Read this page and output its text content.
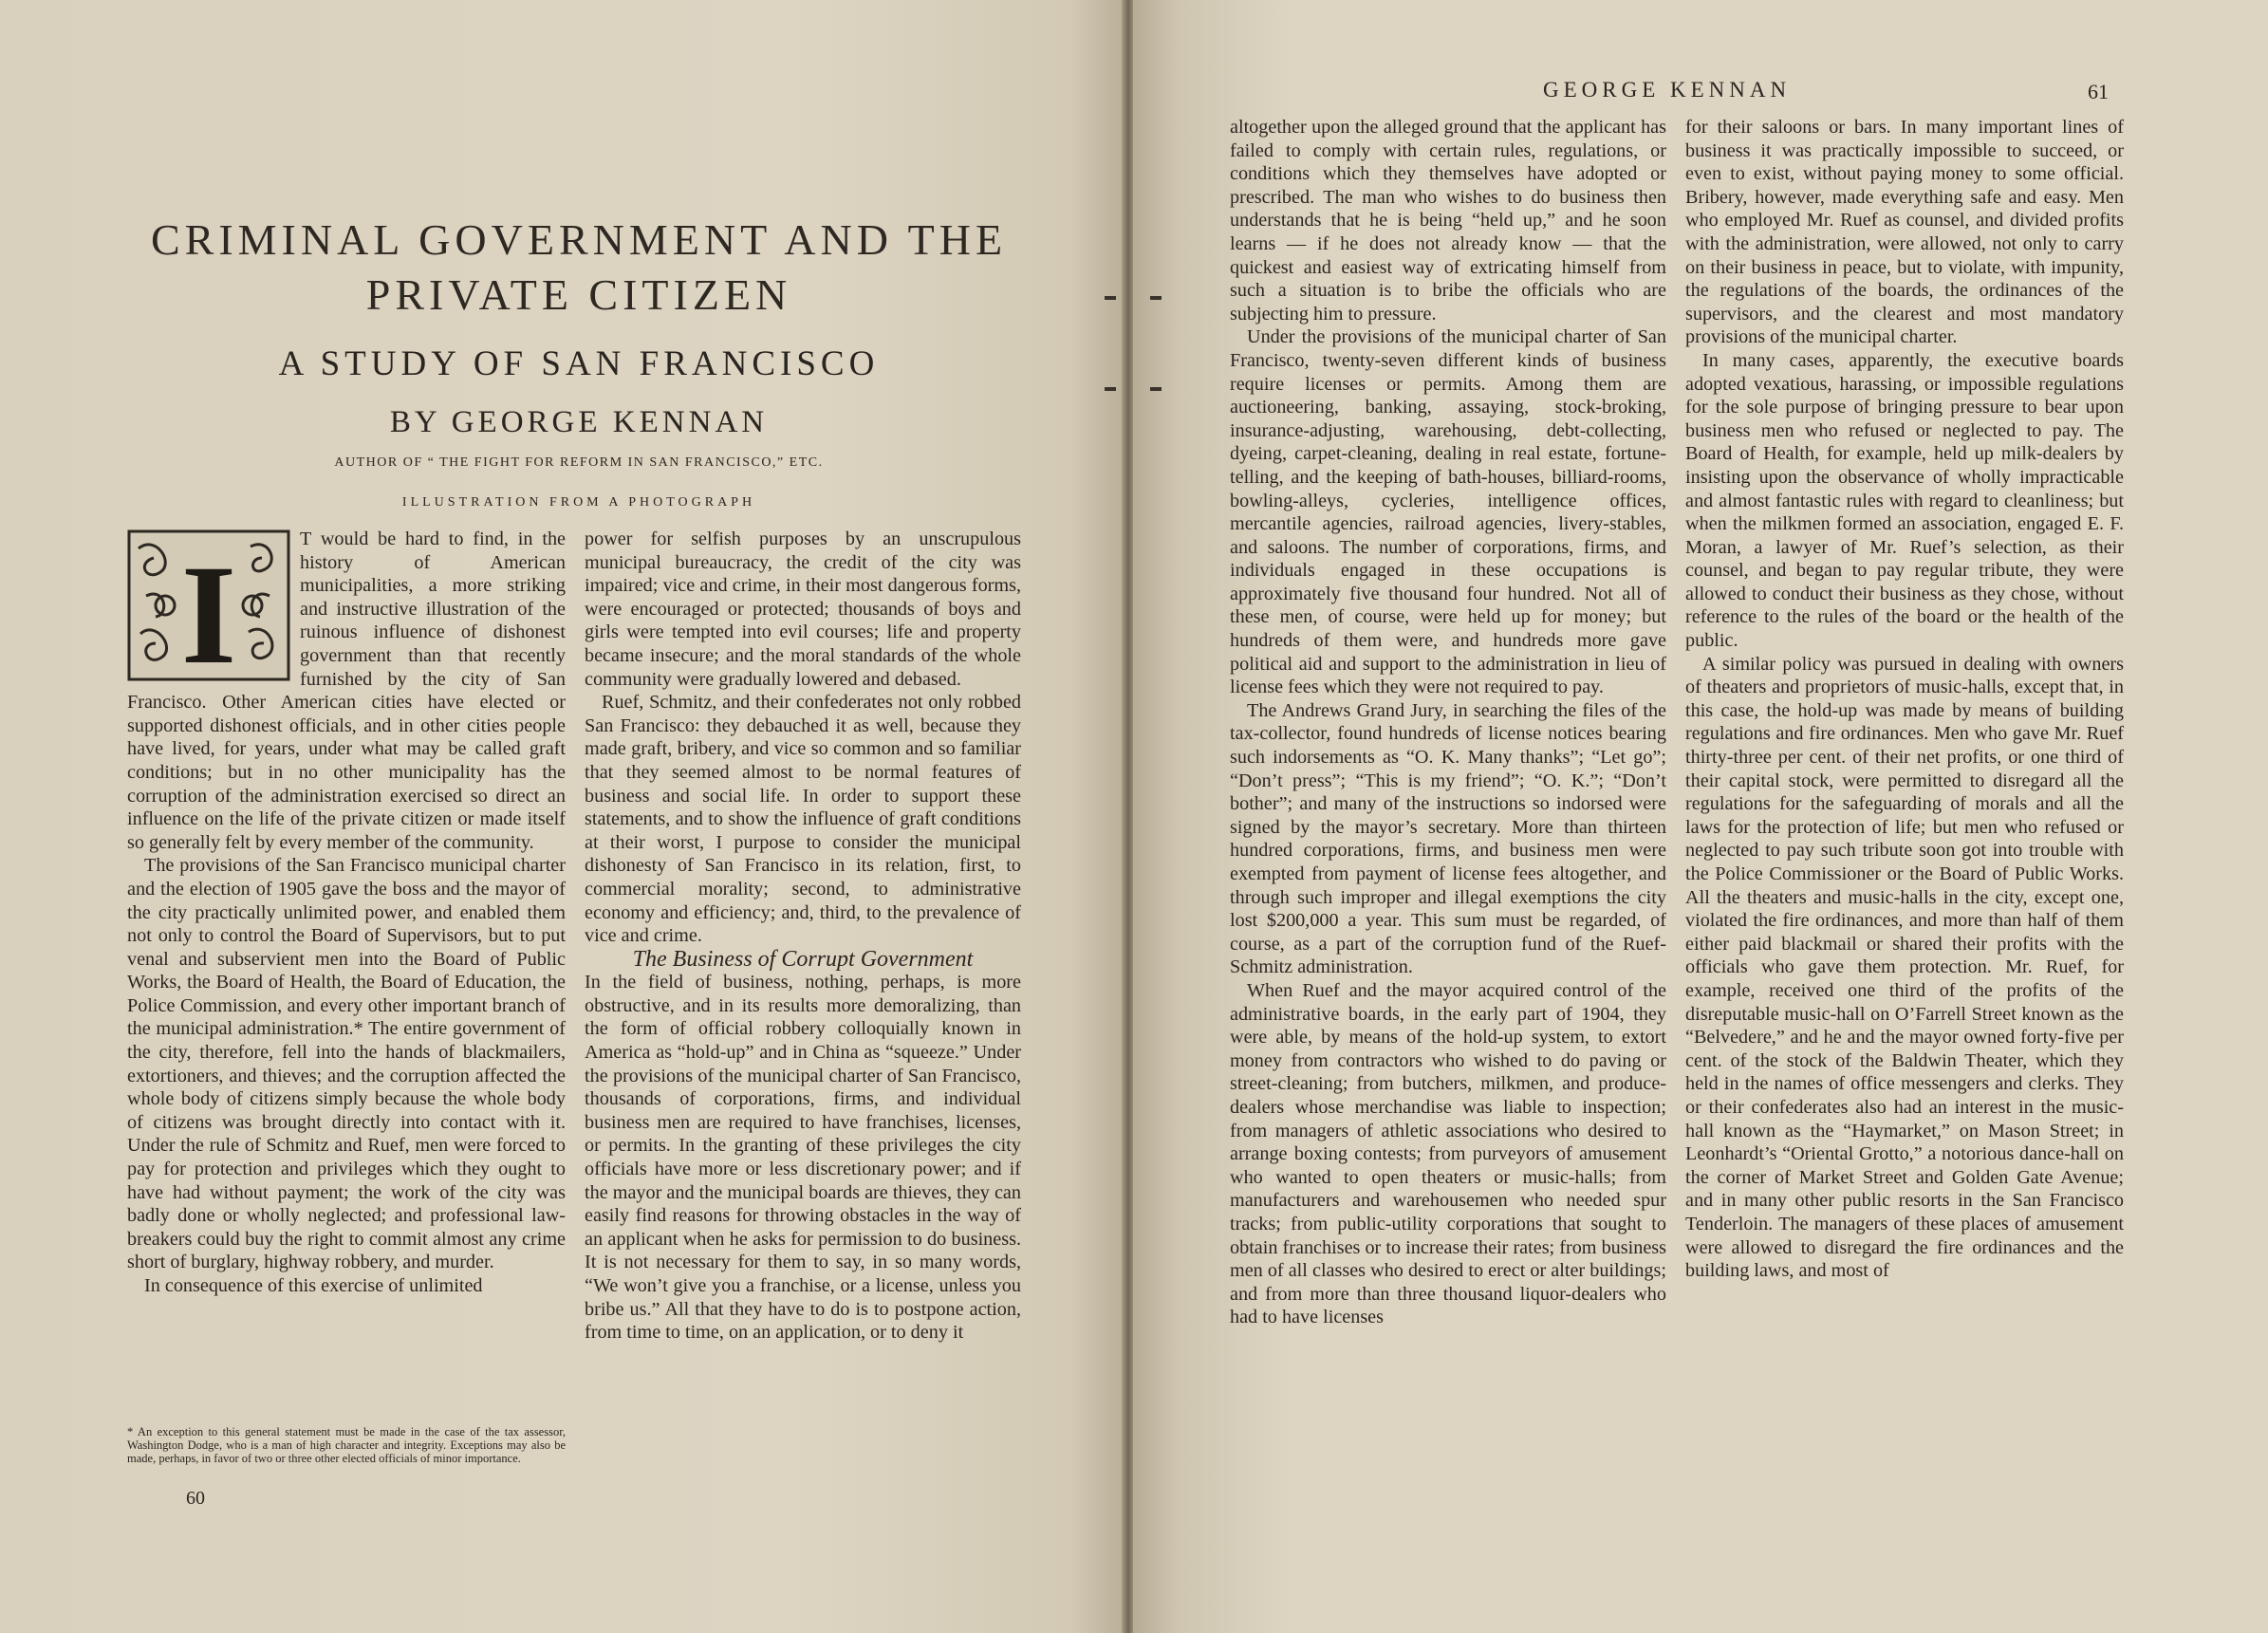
CRIMINAL GOVERNMENT AND THE
PRIVATE CITIZEN
A STUDY OF SAN FRANCISCO
BY GEORGE KENNAN
AUTHOR OF “ THE FIGHT FOR REFORM IN SAN FRANCISCO,” ETC.
ILLUSTRATION FROM A PHOTOGRAPH
I	T would be hard to find, in the history of American municipalities, a more striking and instructive illustration of the ruinous influence of dishonest government than that recently furnished by the city of San Francisco. Other American cities have elected or supported dishonest officials, and in other cities people have lived, for years, under what may be called graft conditions; but in no other municipality has the corruption of the administration exercised so direct an influence on the life of the private citizen or made itself so generally felt by every member of the community.

The provisions of the San Francisco municipal charter and the election of 1905 gave the boss and the mayor of the city practically unlimited power, and enabled them not only to control the Board of Supervisors, but to put venal and subservient men into the Board of Public Works, the Board of Health, the Board of Education, the Police Commission, and every other important branch of the municipal administration.* The entire government of the city, therefore, fell into the hands of blackmailers, extortioners, and thieves; and the corruption affected the whole body of citizens simply because the whole body of citizens was brought directly into contact with it. Under the rule of Schmitz and Ruef, men were forced to pay for protection and privileges which they ought to have had without payment; the work of the city was badly done or wholly neglected; and professional law-breakers could buy the right to commit almost any crime short of burglary, highway robbery, and murder.

In consequence of this exercise of unlimited

* An exception to this general statement must be made in the case of the tax assessor, Washington Dodge, who is a man of high character and integrity. Exceptions may also be made, perhaps, in favor of two or three other elected officials of minor importance.
60

power for selfish purposes by an unscrupulous municipal bureaucracy, the credit of the city was impaired; vice and crime, in their most dangerous forms, were encouraged or protected; thousands of boys and girls were tempted into evil courses; life and property became insecure; and the moral standards of the whole community were gradually lowered and debased.

Ruef, Schmitz, and their confederates not only robbed San Francisco: they debauched it as well, because they made graft, bribery, and vice so common and so familiar that they seemed almost to be normal features of business and social life. In order to support these statements, and to show the influence of graft conditions at their worst, I purpose to consider the municipal dishonesty of San Francisco in its relation, first, to commercial morality; second, to administrative economy and efficiency; and, third, to the prevalence of vice and crime.

The Business of Corrupt Government

In the field of business, nothing, perhaps, is more obstructive, and in its results more demoralizing, than the form of official robbery colloquially known in America as “hold-up” and in China as “squeeze.” Under the provisions of the municipal charter of San Francisco, thousands of corporations, firms, and individual business men are required to have franchises, licenses, or permits. In the granting of these privileges the city officials have more or less discretionary power; and if the mayor and the municipal boards are thieves, they can easily find reasons for throwing obstacles in the way of an applicant when he asks for permission to do business. It is not necessary for them to say, in so many words, “We won’t give you a franchise, or a license, unless you bribe us.” All that they have to do is to postpone action, from time to time, on an application, or to deny it

GEORGE KENNAN	61

altogether upon the alleged ground that the applicant has failed to comply with certain rules, regulations, or conditions which they themselves have adopted or prescribed. The man who wishes to do business then understands that he is being “held up,” and he soon learns — if he does not already know — that the quickest and easiest way of extricating himself from such a situation is to bribe the officials who are subjecting him to pressure.

Under the provisions of the municipal charter of San Francisco, twenty-seven different kinds of business require licenses or permits. Among them are auctioneering, banking, assaying, stock-broking, insurance-adjusting, warehousing, debt-collecting, dyeing, carpet-cleaning, dealing in real estate, fortune-telling, and the keeping of bath-houses, billiard-rooms, bowling-alleys, cycleries, intelligence offices, mercantile agencies, railroad agencies, livery-stables, and saloons. The number of corporations, firms, and individuals engaged in these occupations is approximately five thousand four hundred. Not all of these men, of course, were held up for money; but hundreds of them were, and hundreds more gave political aid and support to the administration in lieu of license fees which they were not required to pay.

The Andrews Grand Jury, in searching the files of the tax-collector, found hundreds of license notices bearing such indorsements as “O. K. Many thanks”; “Let go”; “Don’t press”; “This is my friend”; “O. K.”; “Don’t bother”; and many of the instructions so indorsed were signed by the mayor’s secretary. More than thirteen hundred corporations, firms, and business men were exempted from payment of license fees altogether, and through such improper and illegal exemptions the city lost $200,000 a year. This sum must be regarded, of course, as a part of the corruption fund of the Ruef-Schmitz administration.

When Ruef and the mayor acquired control of the administrative boards, in the early part of 1904, they were able, by means of the hold-up system, to extort money from contractors who wished to do paving or street-cleaning; from butchers, milkmen, and produce-dealers whose merchandise was liable to inspection; from managers of athletic associations who desired to arrange boxing contests; from purveyors of amusement who wanted to open theaters or music-halls; from manufacturers and warehousemen who needed spur tracks; from public-utility corporations that sought to obtain franchises or to increase their rates; from business men of all classes who desired to erect or alter buildings; and from more than three thousand liquor-dealers who had to have licenses

for their saloons or bars. In many important lines of business it was practically impossible to succeed, or even to exist, without paying money to some official. Bribery, however, made everything safe and easy. Men who employed Mr. Ruef as counsel, and divided profits with the administration, were allowed, not only to carry on their business in peace, but to violate, with impunity, the regulations of the boards, the ordinances of the supervisors, and the clearest and most mandatory provisions of the municipal charter.

In many cases, apparently, the executive boards adopted vexatious, harassing, or impossible regulations for the sole purpose of bringing pressure to bear upon business men who refused or neglected to pay. The Board of Health, for example, held up milk-dealers by insisting upon the observance of wholly impracticable and almost fantastic rules with regard to cleanliness; but when the milkmen formed an association, engaged E. F. Moran, a lawyer of Mr. Ruef’s selection, as their counsel, and began to pay regular tribute, they were allowed to conduct their business as they chose, without reference to the rules of the board or the health of the public.

A similar policy was pursued in dealing with owners of theaters and proprietors of music-halls, except that, in this case, the hold-up was made by means of building regulations and fire ordinances. Men who gave Mr. Ruef thirty-three per cent. of their net profits, or one third of their capital stock, were permitted to disregard all the regulations for the safeguarding of morals and all the laws for the protection of life; but men who refused or neglected to pay such tribute soon got into trouble with the Police Commissioner or the Board of Public Works. All the theaters and music-halls in the city, except one, violated the fire ordinances, and more than half of them either paid blackmail or shared their profits with the officials who gave them protection. Mr. Ruef, for example, received one third of the profits of the disreputable music-hall on O’Farrell Street known as the “Belvedere,” and he and the mayor owned forty-five per cent. of the stock of the Baldwin Theater, which they held in the names of office messengers and clerks. They or their confederates also had an interest in the music-hall known as the “Haymarket,” on Mason Street; in Leonhardt’s “Oriental Grotto,” a notorious dance-hall on the corner of Market Street and Golden Gate Avenue; and in many other public resorts in the San Francisco Tenderloin. The managers of these places of amusement were allowed to disregard the fire ordinances and the building laws, and most of
